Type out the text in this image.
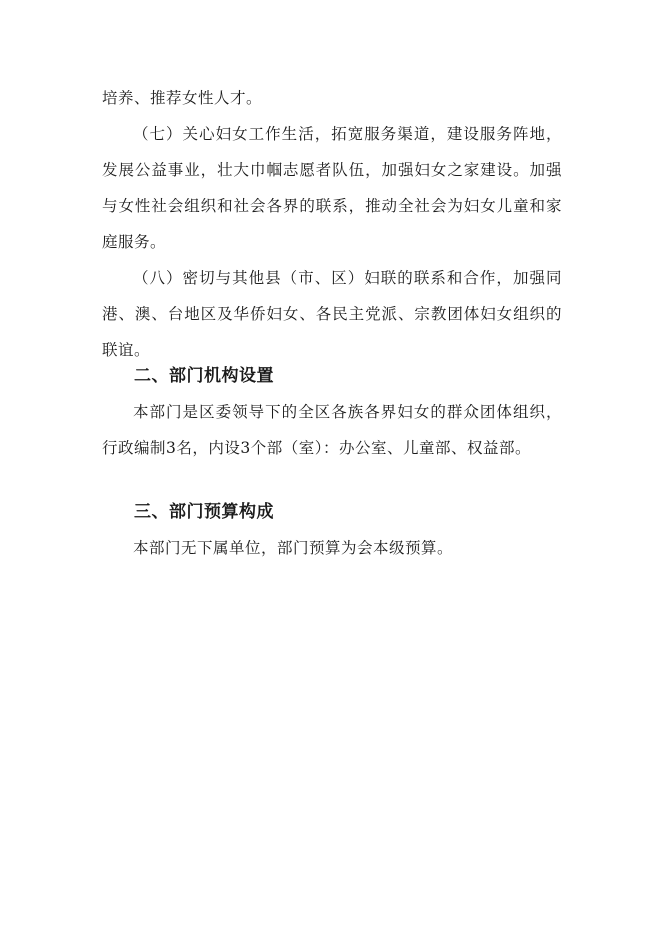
培养、推荐女性人才。
（七）关心妇女工作生活，拓宽服务渠道，建设服务阵地，发展公益事业，壮大巾帼志愿者队伍，加强妇女之家建设。加强与女性社会组织和社会各界的联系，推动全社会为妇女儿童和家庭服务。
（八）密切与其他县（市、区）妇联的联系和合作，加强同港、澳、台地区及华侨妇女、各民主党派、宗教团体妇女组织的联谊。
二、部门机构设置
本部门是区委领导下的全区各族各界妇女的群众团体组织，行政编制3名，内设3个部（室）：办公室、儿童部、权益部。
三、部门预算构成
本部门无下属单位，部门预算为会本级预算。
